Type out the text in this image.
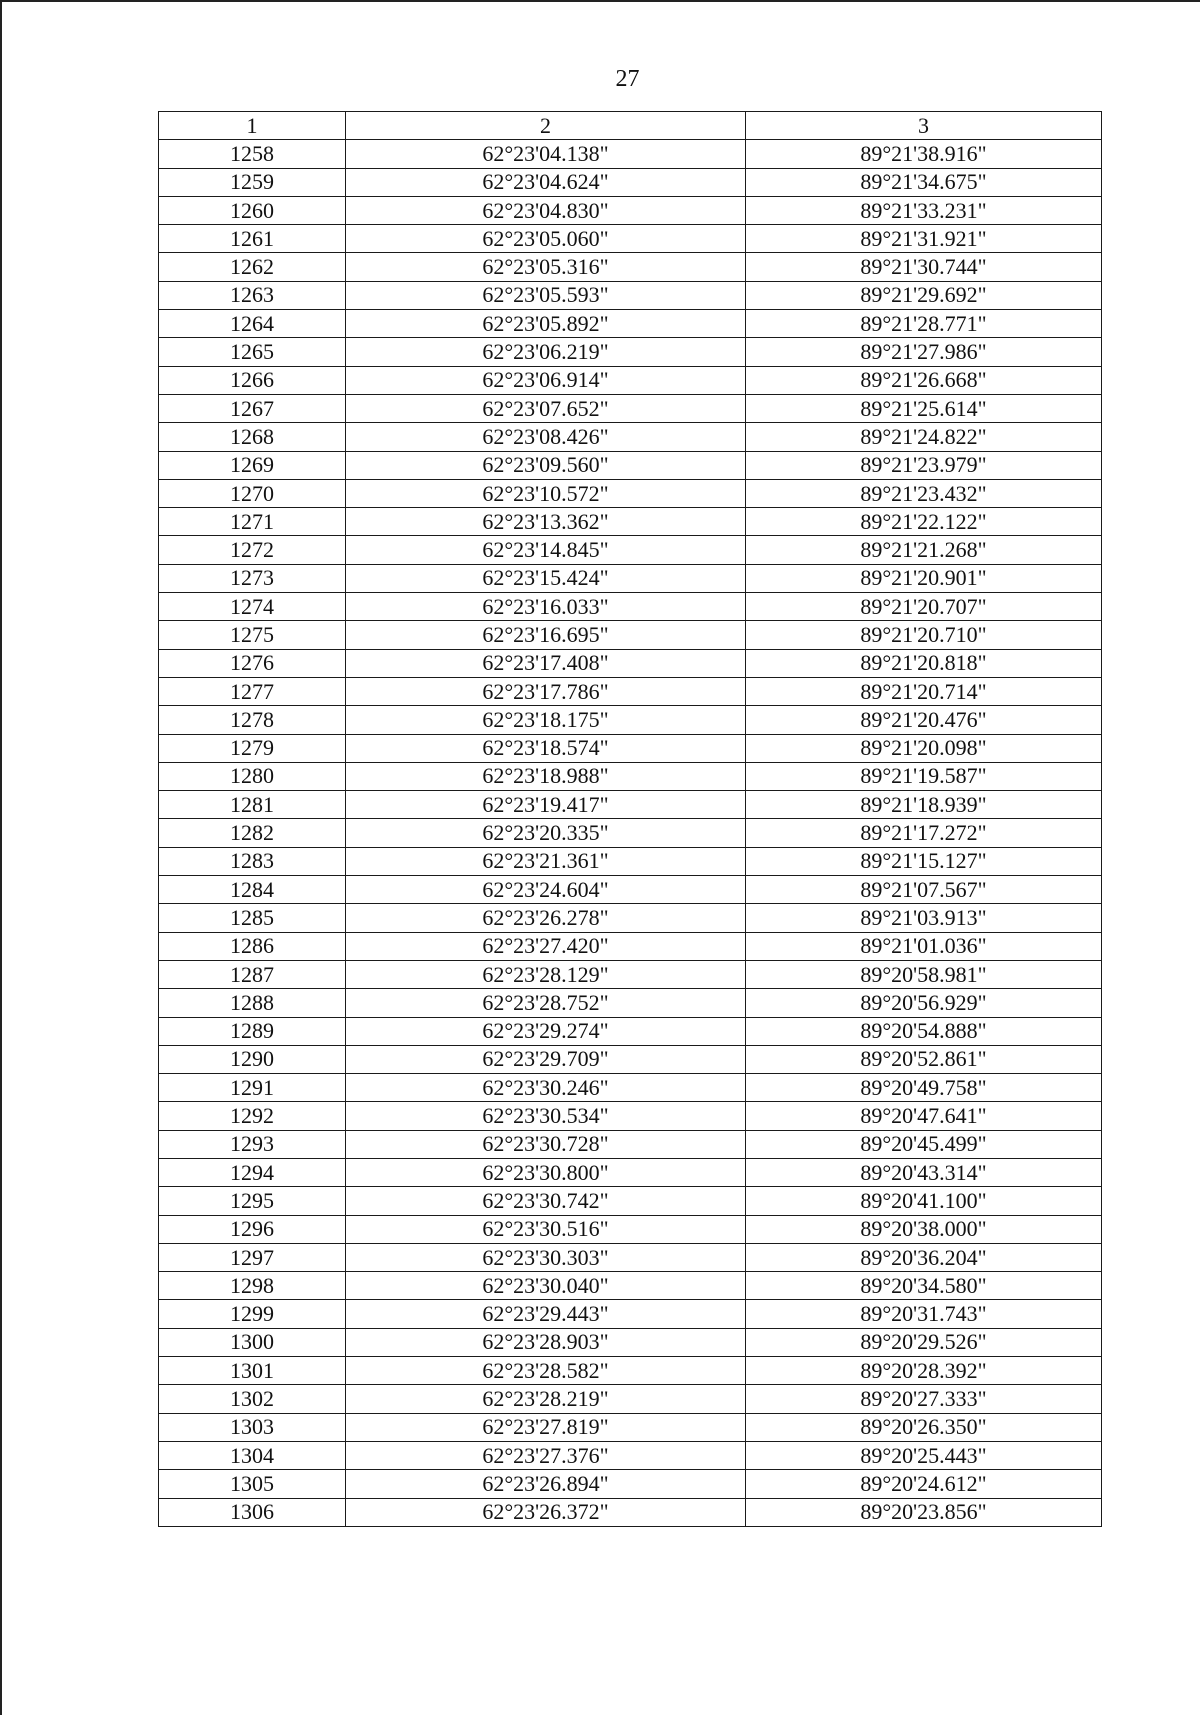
27
1	2	3
1258	62°23'04.138"	89°21'38.916"
1259	62°23'04.624"	89°21'34.675"
1260	62°23'04.830"	89°21'33.231"
1261	62°23'05.060"	89°21'31.921"
1262	62°23'05.316"	89°21'30.744"
1263	62°23'05.593"	89°21'29.692"
1264	62°23'05.892"	89°21'28.771"
1265	62°23'06.219"	89°21'27.986"
1266	62°23'06.914"	89°21'26.668"
1267	62°23'07.652"	89°21'25.614"
1268	62°23'08.426"	89°21'24.822"
1269	62°23'09.560"	89°21'23.979"
1270	62°23'10.572"	89°21'23.432"
1271	62°23'13.362"	89°21'22.122"
1272	62°23'14.845"	89°21'21.268"
1273	62°23'15.424"	89°21'20.901"
1274	62°23'16.033"	89°21'20.707"
1275	62°23'16.695"	89°21'20.710"
1276	62°23'17.408"	89°21'20.818"
1277	62°23'17.786"	89°21'20.714"
1278	62°23'18.175"	89°21'20.476"
1279	62°23'18.574"	89°21'20.098"
1280	62°23'18.988"	89°21'19.587"
1281	62°23'19.417"	89°21'18.939"
1282	62°23'20.335"	89°21'17.272"
1283	62°23'21.361"	89°21'15.127"
1284	62°23'24.604"	89°21'07.567"
1285	62°23'26.278"	89°21'03.913"
1286	62°23'27.420"	89°21'01.036"
1287	62°23'28.129"	89°20'58.981"
1288	62°23'28.752"	89°20'56.929"
1289	62°23'29.274"	89°20'54.888"
1290	62°23'29.709"	89°20'52.861"
1291	62°23'30.246"	89°20'49.758"
1292	62°23'30.534"	89°20'47.641"
1293	62°23'30.728"	89°20'45.499"
1294	62°23'30.800"	89°20'43.314"
1295	62°23'30.742"	89°20'41.100"
1296	62°23'30.516"	89°20'38.000"
1297	62°23'30.303"	89°20'36.204"
1298	62°23'30.040"	89°20'34.580"
1299	62°23'29.443"	89°20'31.743"
1300	62°23'28.903"	89°20'29.526"
1301	62°23'28.582"	89°20'28.392"
1302	62°23'28.219"	89°20'27.333"
1303	62°23'27.819"	89°20'26.350"
1304	62°23'27.376"	89°20'25.443"
1305	62°23'26.894"	89°20'24.612"
1306	62°23'26.372"	89°20'23.856"
